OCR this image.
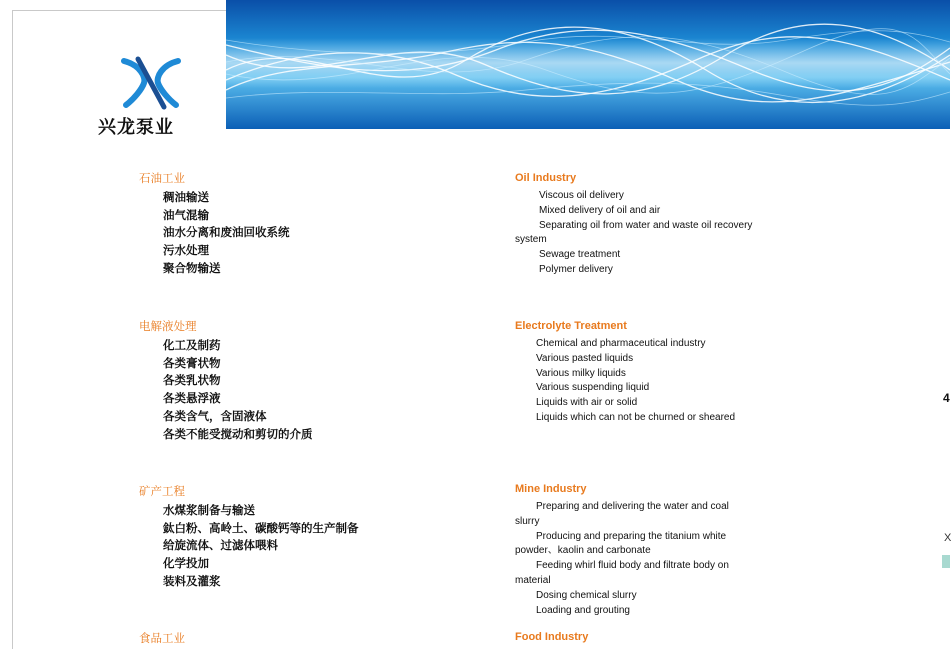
兴龙泵业
石油工业
稠油输送
油气混输
油水分离和废油回收系统
污水处理
聚合物输送
电解液处理
化工及制药
各类膏状物
各类乳状物
各类悬浮液
各类含气，含固液体
各类不能受搅动和剪切的介质
矿产工程
水煤浆制备与输送
鈦白粉、高岭土、碳酸钙等的生产制备
给旋流体、过滤体喂料
化学投加
装料及灌浆
食品工业
Oil Industry
Viscous oil delivery
Mixed delivery of oil and air
Separating oil from water and waste oil recovery
system
Sewage treatment
Polymer delivery
Electrolyte Treatment
Chemical and pharmaceutical industry
Various pasted liquids
Various milky liquids
Various suspending liquid
Liquids with air or solid
Liquids which can not be churned or sheared
Mine Industry
Preparing and delivering the water and coal
slurry
Producing and preparing the titanium white
powder、kaolin and carbonate
Feeding whirl fluid body and filtrate body on
material
Dosing chemical slurry
Loading and grouting
Food Industry
4
X
